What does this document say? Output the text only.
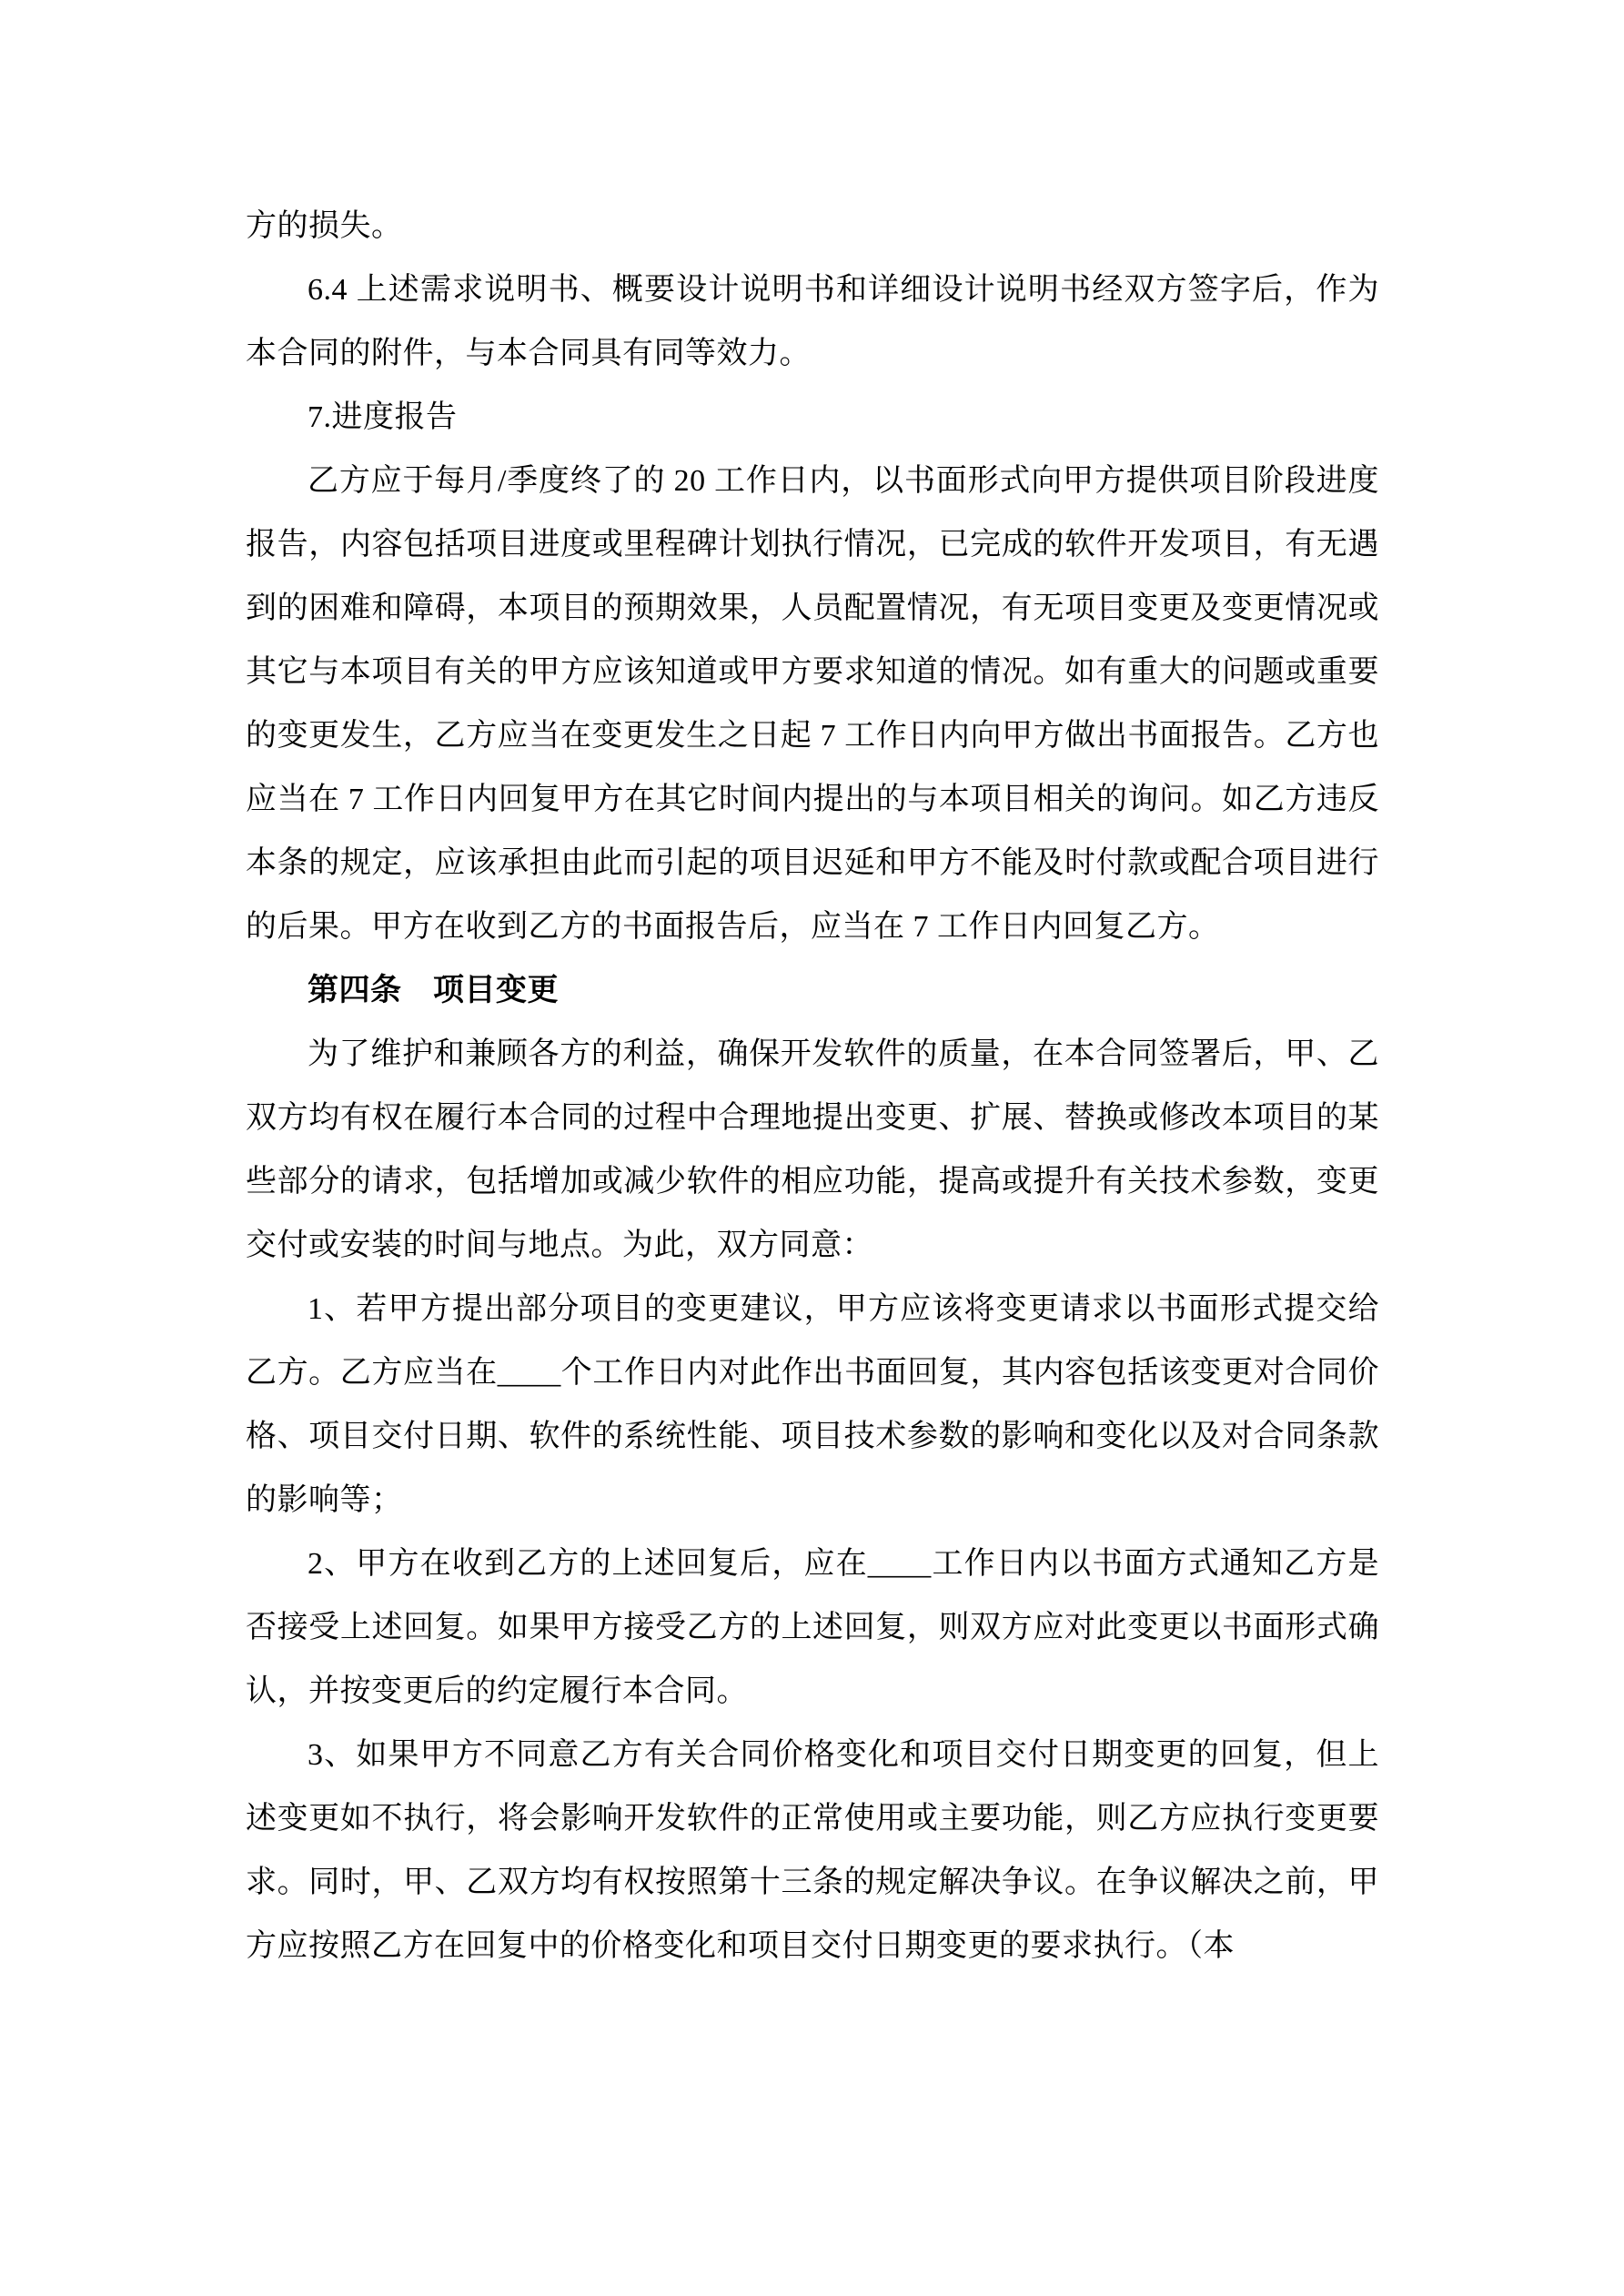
方的损失。

6.4 上述需求说明书、概要设计说明书和详细设计说明书经双方签字后，作为本合同的附件，与本合同具有同等效力。

7.进度报告

乙方应于每月/季度终了的 20 工作日内，以书面形式向甲方提供项目阶段进度报告，内容包括项目进度或里程碑计划执行情况，已完成的软件开发项目，有无遇到的困难和障碍，本项目的预期效果，人员配置情况，有无项目变更及变更情况或其它与本项目有关的甲方应该知道或甲方要求知道的情况。如有重大的问题或重要的变更发生，乙方应当在变更发生之日起 7 工作日内向甲方做出书面报告。乙方也应当在 7 工作日内回复甲方在其它时间内提出的与本项目相关的询问。如乙方违反本条的规定，应该承担由此而引起的项目迟延和甲方不能及时付款或配合项目进行的后果。甲方在收到乙方的书面报告后，应当在 7 工作日内回复乙方。

第四条　项目变更

为了维护和兼顾各方的利益，确保开发软件的质量，在本合同签署后，甲、乙双方均有权在履行本合同的过程中合理地提出变更、扩展、替换或修改本项目的某些部分的请求，包括增加或减少软件的相应功能，提高或提升有关技术参数，变更交付或安装的时间与地点。为此，双方同意：

1、若甲方提出部分项目的变更建议，甲方应该将变更请求以书面形式提交给乙方。乙方应当在____个工作日内对此作出书面回复，其内容包括该变更对合同价格、项目交付日期、软件的系统性能、项目技术参数的影响和变化以及对合同条款的影响等；

2、甲方在收到乙方的上述回复后，应在____工作日内以书面方式通知乙方是否接受上述回复。如果甲方接受乙方的上述回复，则双方应对此变更以书面形式确认，并按变更后的约定履行本合同。

3、如果甲方不同意乙方有关合同价格变化和项目交付日期变更的回复，但上述变更如不执行，将会影响开发软件的正常使用或主要功能，则乙方应执行变更要求。同时，甲、乙双方均有权按照第十三条的规定解决争议。在争议解决之前，甲方应按照乙方在回复中的价格变化和项目交付日期变更的要求执行。（本
